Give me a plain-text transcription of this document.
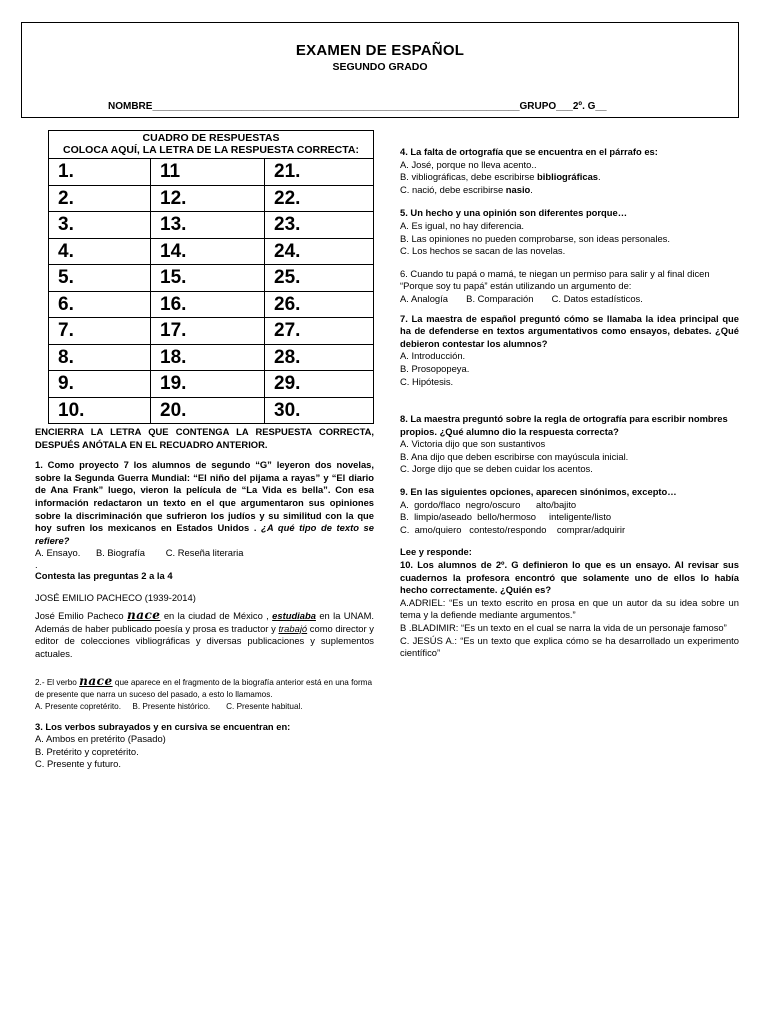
EXAMEN DE ESPAÑOL
SEGUNDO GRADO
NOMBRE__________________________________________________________________GRUPO___2º. G__
CUADRO DE RESPUESTAS
COLOCA AQUÍ, LA LETRA DE LA RESPUESTA CORRECTA:		

1.	11	21.
2.	12.	22.
3.	13.	23.
4.	14.	24.
5.	15.	25.
6.	16.	26.
7.	17.	27.
8.	18.	28.
9.	19.	29.
10.	20.	30.
ENCIERRA LA LETRA QUE CONTENGA LA RESPUESTA CORRECTA, DESPUÉS ANÓTALA EN EL RECUADRO ANTERIOR.
1. Como proyecto 7 los alumnos de segundo “G” leyeron dos novelas, sobre la Segunda Guerra Mundial: “El niño del pijama a rayas” y “El diario de Ana Frank” luego, vieron la película de “La Vida es bella”. Con esa información redactaron un texto en el que argumentaron sus opiniones sobre la discriminación que sufrieron los judíos y su similitud con la que hoy sufren los mexicanos en Estados Unidos . ¿A qué tipo de texto se refiere?
A. Ensayo.      B. Biografía        C. Reseña literaria
.
Contesta las preguntas 2 a la 4
JOSÉ EMILIO PACHECO (1939-2014)
José Emilio Pacheco nace en la ciudad de México , estudiaba en la UNAM. Además de haber publicado poesía y prosa es traductor y trabajó como director y editor de colecciones vibliográficas y diversas publicaciones y suplementos actuales.
2.- El verbo nace que aparece en el fragmento de la biografía anterior está en una forma de presente que narra un suceso del pasado, a esto lo llamamos.
A. Presente copretérito.     B. Presente histórico.       C. Presente habitual.
3. Los verbos subrayados y en cursiva se encuentran en:
A. Ambos en pretérito (Pasado)
B. Pretérito y copretérito.
C. Presente y futuro.
4. La falta de ortografía que se encuentra en el párrafo es:
A. José, porque no lleva acento..
B. vibliográficas, debe escribirse bibliográficas.
C. nació, debe escribirse nasio.
5. Un hecho y una opinión son diferentes porque…
A. Es igual, no hay diferencia.
B. Las opiniones no pueden comprobarse, son ideas personales.
C. Los hechos se sacan de las novelas.
6. Cuando tu papá o mamá, te niegan un permiso para salir y al final dicen “Porque soy tu papá” están utilizando un argumento de:
A. Analogía       B. Comparación       C. Datos estadísticos.
7. La maestra de español preguntó cómo se llamaba la idea principal que ha de defenderse en textos argumentativos como ensayos, debates. ¿Qué debieron contestar los alumnos?
A. Introducción.
B. Prosopopeya.
C. Hipótesis.
8. La maestra preguntó sobre la regla de ortografía para escribir nombres propios. ¿Qué alumno dio la respuesta correcta?
A. Victoria dijo que son sustantivos
B. Ana dijo que deben escribirse con mayúscula inicial.
C. Jorge dijo que se deben cuidar los acentos.
9. En las siguientes opciones, aparecen sinónimos, excepto…
A.  gordo/flaco  negro/oscuro      alto/bajito
B.  limpio/aseado  bello/hermoso     inteligente/listo
C.  amo/quiero   contesto/respondo    comprar/adquirir
Lee y responde:
10. Los alumnos de 2º. G definieron lo que es un ensayo. Al revisar sus cuadernos la profesora encontró que solamente uno de ellos lo había hecho correctamente. ¿Quién es?
A.ADRIEL: “Es un texto escrito en prosa en que un autor da su idea sobre un tema y la defiende mediante argumentos.”
B .BLADIMIR: “Es un texto en el cual se narra la vida de un personaje famoso”
C. JESÚS A.: “Es un texto que explica cómo se ha desarrollado un experimento científico”
